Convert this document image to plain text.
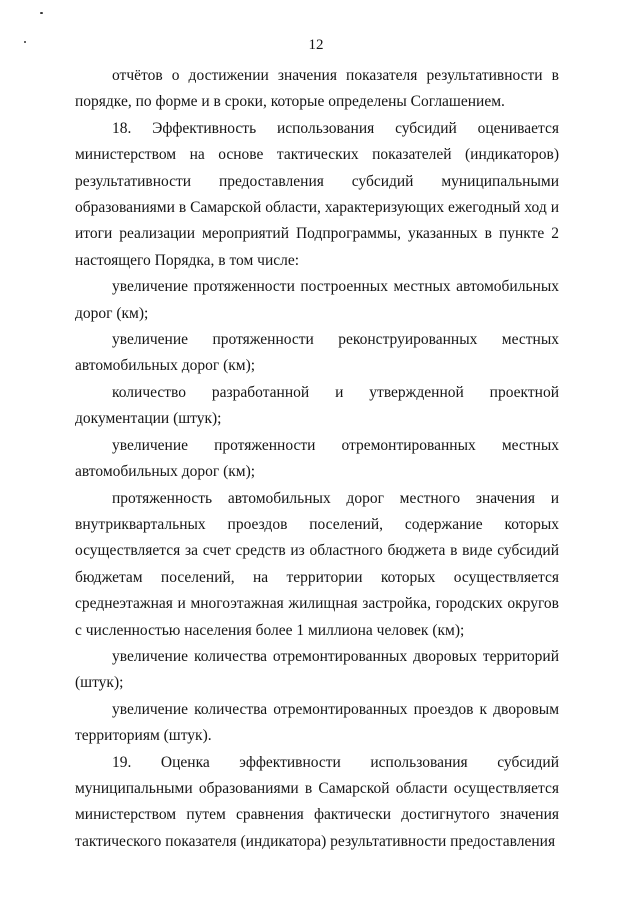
12

отчётов о достижении значения показателя результативности в порядке, по форме и в сроки, которые определены Соглашением.

18. Эффективность использования субсидий оценивается министерством на основе тактических показателей (индикаторов) результативности предоставления субсидий муниципальными образованиями в Самарской области, характеризующих ежегодный ход и итоги реализации мероприятий Подпрограммы, указанных в пункте 2 настоящего Порядка, в том числе:

увеличение протяженности построенных местных автомобильных дорог (км);

увеличение протяженности реконструированных местных автомобильных дорог (км);

количество разработанной и утвержденной проектной документации (штук);

увеличение протяженности отремонтированных местных автомобильных дорог (км);

протяженность автомобильных дорог местного значения и внутриквартальных проездов поселений, содержание которых осуществляется за счет средств из областного бюджета в виде субсидий бюджетам поселений, на территории которых осуществляется среднеэтажная и многоэтажная жилищная застройка, городских округов с численностью населения более 1 миллиона человек (км);

увеличение количества отремонтированных дворовых территорий (штук);

увеличение количества отремонтированных проездов к дворовым территориям (штук).

19. Оценка эффективности использования субсидий муниципальными образованиями в Самарской области осуществляется министерством путем сравнения фактически достигнутого значения тактического показателя (индикатора) результативности предоставления
